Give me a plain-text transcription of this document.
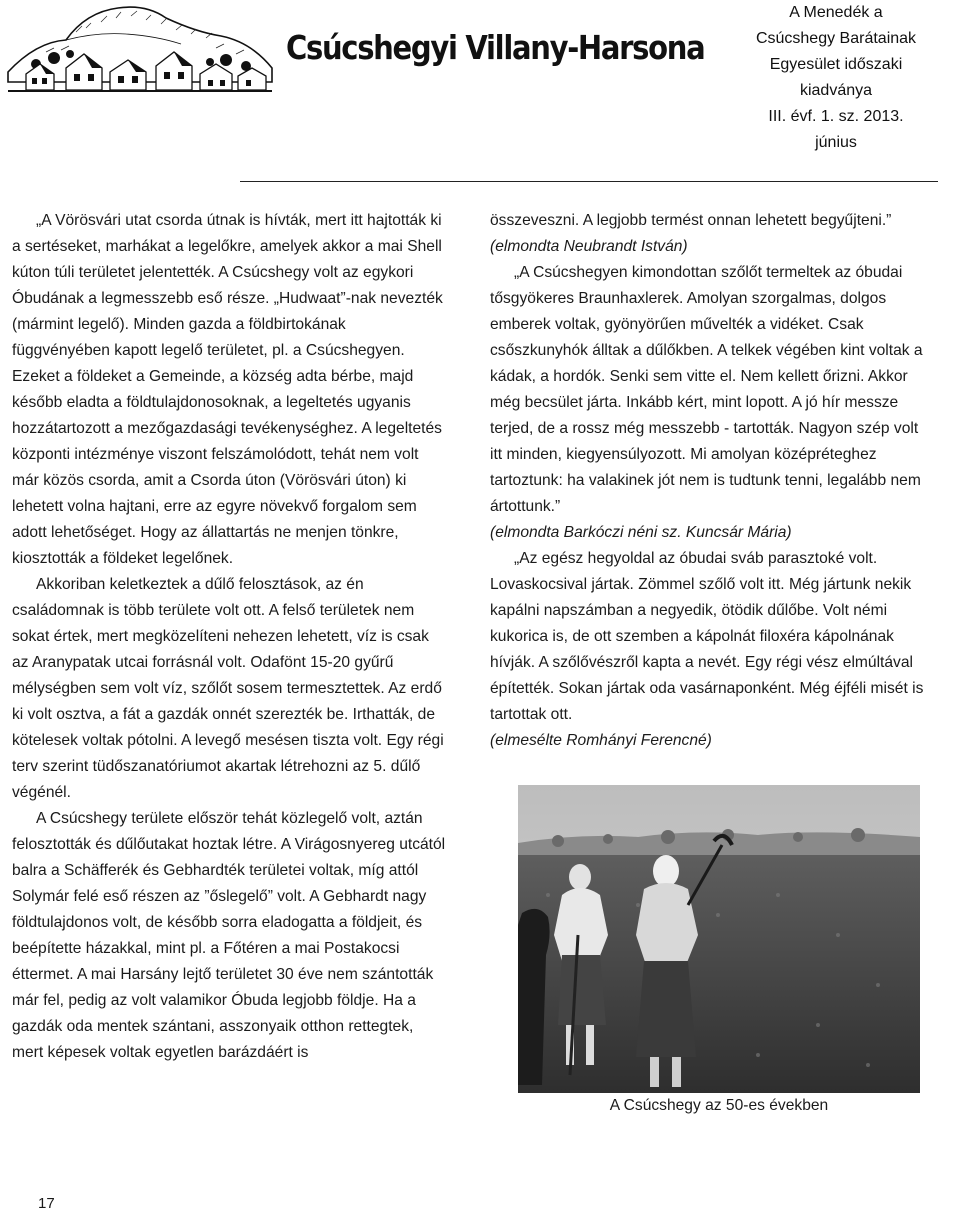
Csúcshegyi Villany-Harsona
A Menedék a
Csúcshegy Barátainak
Egyesület időszaki
kiadványa
III. évf. 1. sz. 2013.
június

„A Vörösvári utat csorda útnak is hívták, mert itt hajtották ki a sertéseket, marhákat a legelőkre, amelyek akkor a mai Shell kúton túli területet jelentették. A Csúcshegy volt az egykori Óbudának a legmesszebb eső része. „Hudwaat”-nak nevezték (mármint legelő). Minden gazda a földbirtokának függvényében kapott legelő területet, pl. a Csúcshegyen. Ezeket a földeket a Gemeinde, a község adta bérbe, majd később eladta a földtulajdonosoknak, a legeltetés ugyanis hozzátartozott a mezőgazdasági tevékenységhez. A legeltetés központi intézménye viszont felszámolódott, tehát nem volt már közös csorda, amit a Csorda úton (Vörösvári úton) ki lehetett volna hajtani, erre az egyre növekvő forgalom sem adott lehetőséget. Hogy az állattartás ne menjen tönkre, kiosztották a földeket legelőnek.

Akkoriban keletkeztek a dűlő felosztások, az én családomnak is több területe volt ott. A felső területek nem sokat értek, mert megközelíteni nehezen lehetett, víz is csak az Aranypatak utcai forrásnál volt. Odafönt 15-20 gyűrű mélységben sem volt víz, szőlőt sosem termesztettek. Az erdő ki volt osztva, a fát a gazdák onnét szerezték be. Irthatták, de kötelesek voltak pótolni. A levegő mesésen tiszta volt. Egy régi terv szerint tüdőszanatóriumot akartak létrehozni az 5. dűlő végénél.

A Csúcshegy területe először tehát közlegelő volt, aztán felosztották és dűlőutakat hoztak létre. A Virágosnyereg utcától balra a Schäfferék és Gebhardték területei voltak, míg attól Solymár felé eső részen az ”őslegelő” volt. A Gebhardt nagy földtulajdonos volt, de később sorra eladogatta a földjeit, és beépítette házakkal, mint pl. a Főtéren a mai Postakocsi éttermet. A mai Harsány lejtő területet 30 éve nem szántották már fel, pedig az volt valamikor Óbuda legjobb földje. Ha a gazdák oda mentek szántani, asszonyaik otthon rettegtek, mert képesek voltak egyetlen barázdáért is

összeveszni. A legjobb termést onnan lehetett begyűjteni.” (elmondta Neubrandt István)

„A Csúcshegyen kimondottan szőlőt termeltek az óbudai tősgyökeres Braunhaxlerek. Amolyan szorgalmas, dolgos emberek voltak, gyönyörűen művelték a vidéket. Csak csőszkunyhók álltak a dűlőkben. A telkek végében kint voltak a kádak, a hordók. Senki sem vitte el. Nem kellett őrizni. Akkor még becsület járta. Inkább kért, mint lopott. A jó hír messze terjed, de a rossz még messzebb - tartották. Nagyon szép volt itt minden, kiegyensúlyozott. Mi amolyan középréteghez tartoztunk: ha valakinek jót nem is tudtunk tenni, legalább nem ártottunk.”

(elmondta Barkóczi néni sz. Kuncsár Mária)

„Az egész hegyoldal az óbudai sváb parasztoké volt. Lovaskocsival jártak. Zömmel szőlő volt itt. Még jártunk nekik kapálni napszámban a negyedik, ötödik dűlőbe. Volt némi kukorica is, de ott szemben a kápolnát filoxéra kápolnának hívják. A szőlővészről kapta a nevét. Egy régi vész elmúltával építették. Sokan jártak oda vasárnaponként. Még éjféli misét is tartottak ott.

(elmesélte Romhányi Ferencné)

A Csúcshegy az 50-es években
17
